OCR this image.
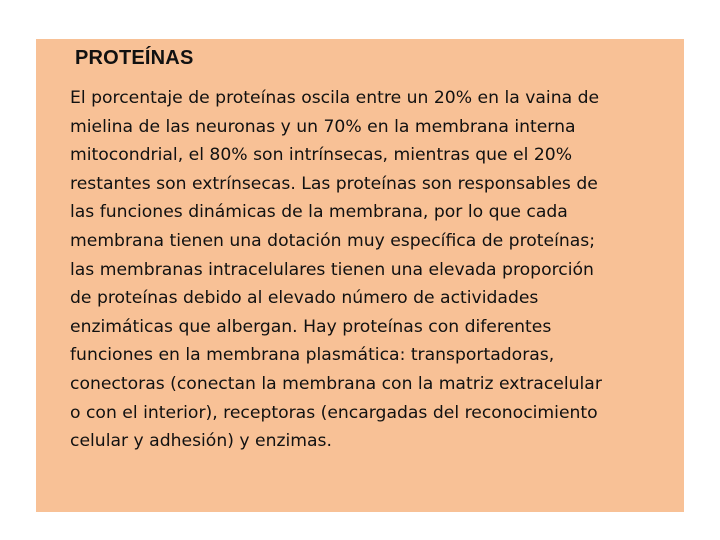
PROTEÍNAS

El porcentaje de proteínas oscila entre un 20% en la vaina de
mielina de las neuronas y un 70% en la membrana interna
mitocondrial, el 80% son intrínsecas, mientras que el 20%
restantes son extrínsecas. Las proteínas son responsables de
las funciones dinámicas de la membrana, por lo que cada
membrana tienen una dotación muy específica de proteínas;
las membranas intracelulares tienen una elevada proporción
de proteínas debido al elevado número de actividades
enzimáticas que albergan. Hay proteínas con diferentes
funciones en la membrana plasmática: transportadoras,
conectoras (conectan la membrana con la matriz extracelular
o con el interior), receptoras (encargadas del reconocimiento
celular y adhesión) y enzimas.
